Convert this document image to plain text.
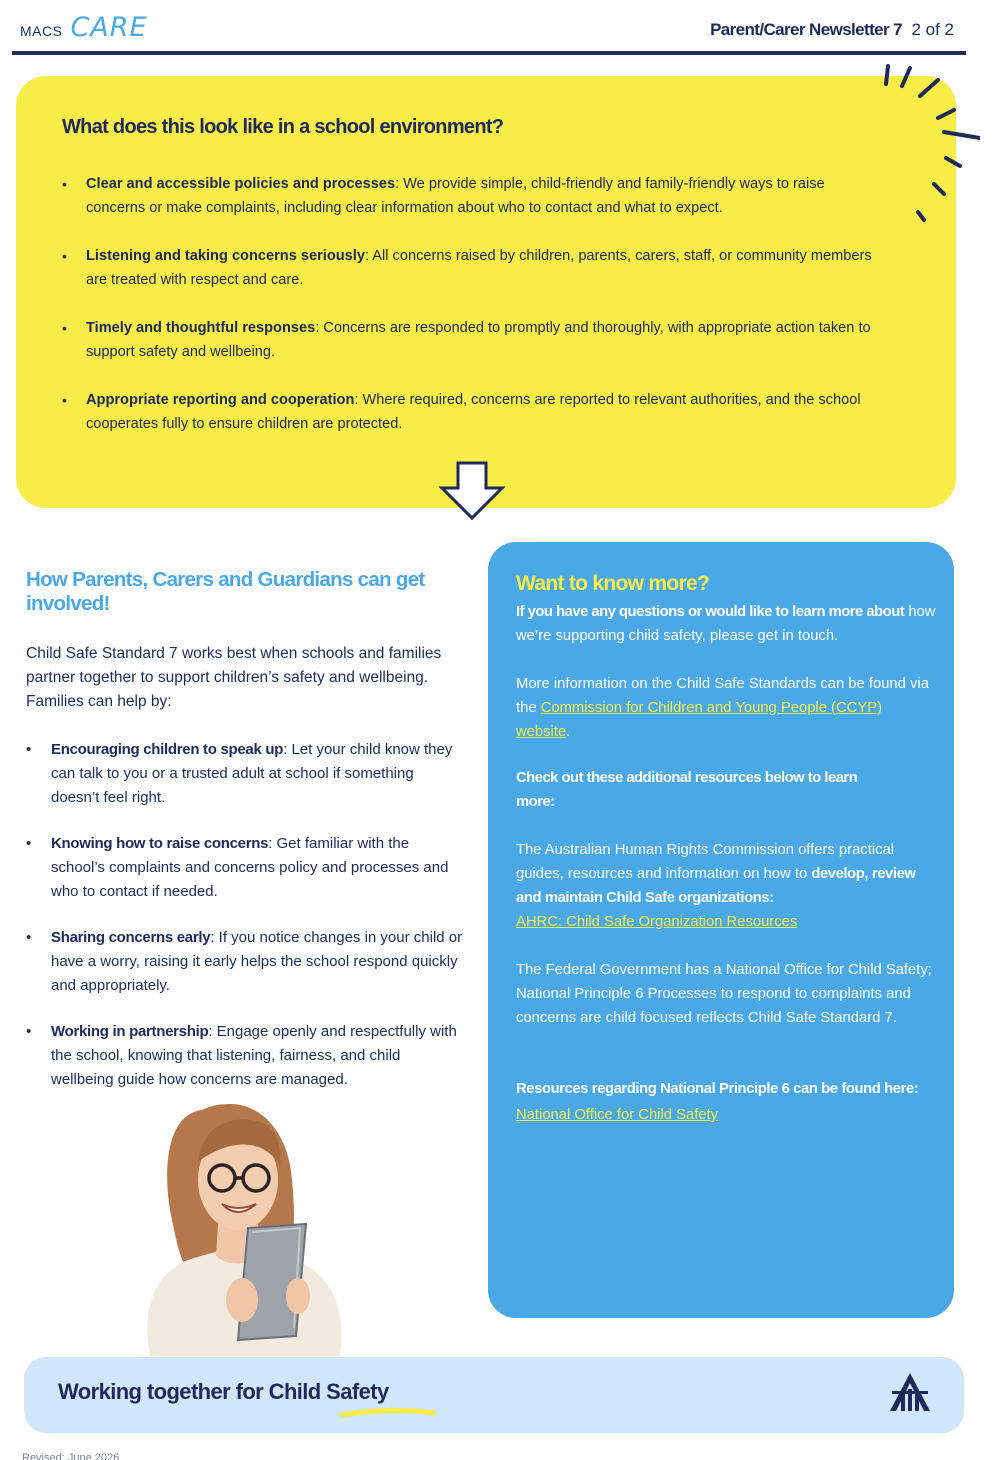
MACS CARE	Parent/Carer Newsletter 7 2 of 2
What does this look like in a school environment?
• Clear and accessible policies and processes: We provide simple, child-friendly and family-friendly ways to raise concerns or make complaints, including clear information about who to contact and what to expect.
• Listening and taking concerns seriously: All concerns raised by children, parents, carers, staff, or community members are treated with respect and care.
• Timely and thoughtful responses: Concerns are responded to promptly and thoroughly, with appropriate action taken to support safety and wellbeing.
• Appropriate reporting and cooperation: Where required, concerns are reported to relevant authorities, and the school cooperates fully to ensure children are protected.
How Parents, Carers and Guardians can get involved!
Child Safe Standard 7 works best when schools and families partner together to support children’s safety and wellbeing. Families can help by:
• Encouraging children to speak up: Let your child know they can talk to you or a trusted adult at school if something doesn’t feel right.
• Knowing how to raise concerns: Get familiar with the school’s complaints and concerns policy and processes and who to contact if needed.
• Sharing concerns early: If you notice changes in your child or have a worry, raising it early helps the school respond quickly and appropriately.
• Working in partnership: Engage openly and respectfully with the school, knowing that listening, fairness, and child wellbeing guide how concerns are managed.
Want to know more?
If you have any questions or would like to learn more about how we’re supporting child safety, please get in touch.
More information on the Child Safe Standards can be found via the Commission for Children and Young People (CCYP) website.
Check out these additional resources below to learn more:
The Australian Human Rights Commission offers practical guides, resources and information on how to develop, review and maintain Child Safe organizations:
AHRC: Child Safe Organization Resources
The Federal Government has a National Office for Child Safety; National Principle 6 Processes to respond to complaints and concerns are child focused reflects Child Safe Standard 7.
Resources regarding National Principle 6 can be found here: National Office for Child Safety
Working together for Child Safety
Revised: June 2026
